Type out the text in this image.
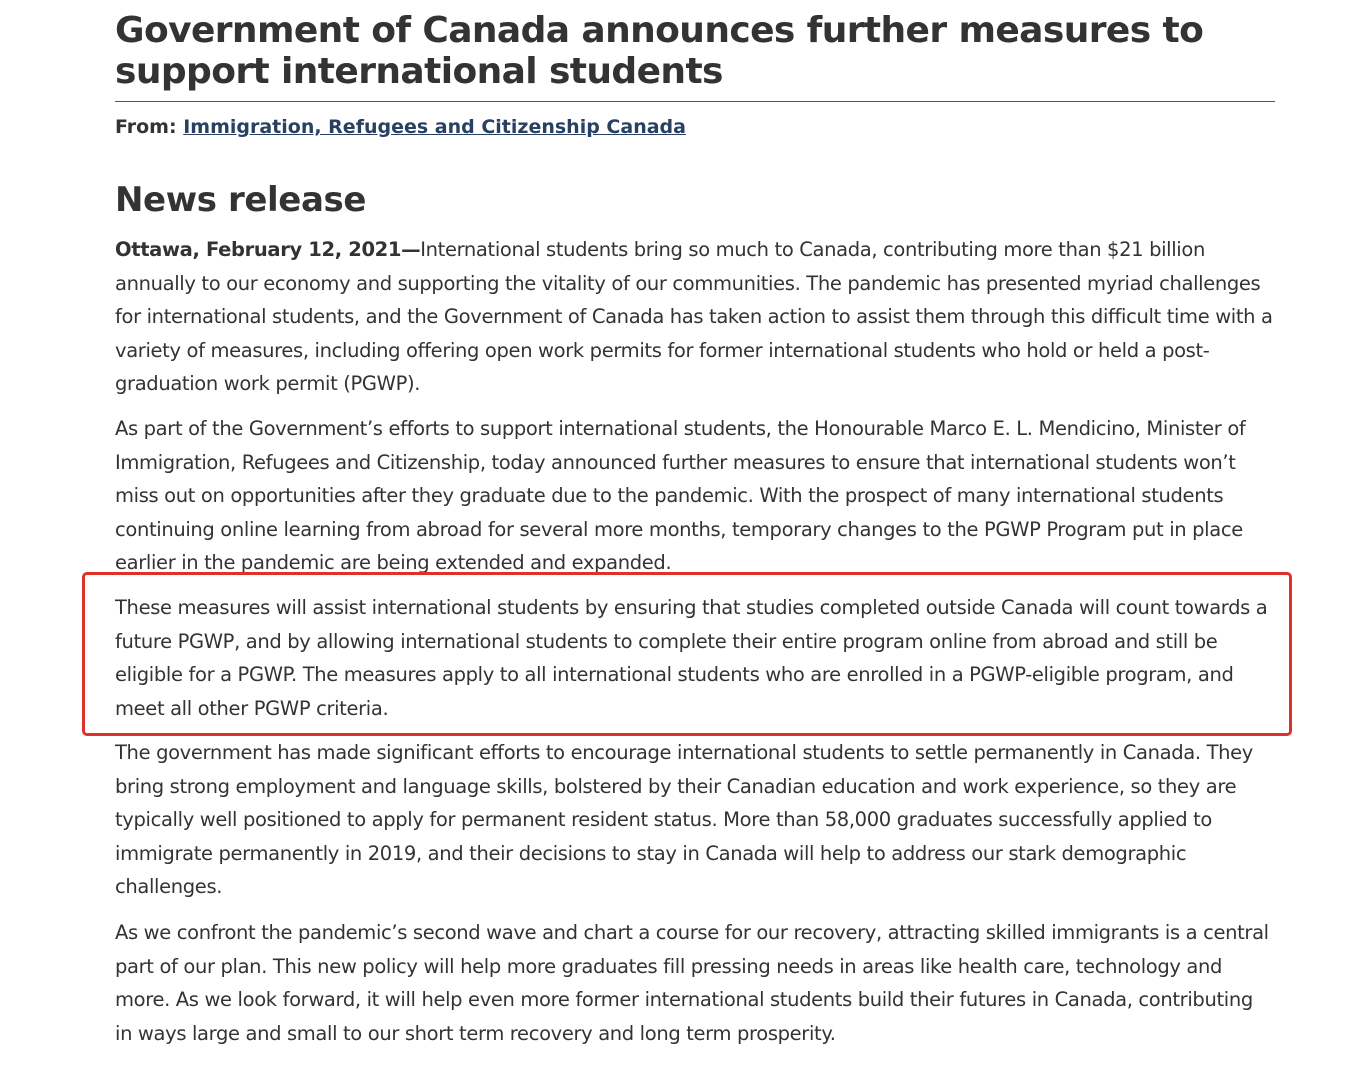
Government of Canada announces further measures to support international students

From: Immigration, Refugees and Citizenship Canada

News release

Ottawa, February 12, 2021—International students bring so much to Canada, contributing more than $21 billion annually to our economy and supporting the vitality of our communities. The pandemic has presented myriad challenges for international students, and the Government of Canada has taken action to assist them through this difficult time with a variety of measures, including offering open work permits for former international students who hold or held a post-graduation work permit (PGWP).

As part of the Government’s efforts to support international students, the Honourable Marco E. L. Mendicino, Minister of Immigration, Refugees and Citizenship, today announced further measures to ensure that international students won’t miss out on opportunities after they graduate due to the pandemic. With the prospect of many international students continuing online learning from abroad for several more months, temporary changes to the PGWP Program put in place earlier in the pandemic are being extended and expanded.

These measures will assist international students by ensuring that studies completed outside Canada will count towards a future PGWP, and by allowing international students to complete their entire program online from abroad and still be eligible for a PGWP. The measures apply to all international students who are enrolled in a PGWP-eligible program, and meet all other PGWP criteria.

The government has made significant efforts to encourage international students to settle permanently in Canada. They bring strong employment and language skills, bolstered by their Canadian education and work experience, so they are typically well positioned to apply for permanent resident status. More than 58,000 graduates successfully applied to immigrate permanently in 2019, and their decisions to stay in Canada will help to address our stark demographic challenges.

As we confront the pandemic’s second wave and chart a course for our recovery, attracting skilled immigrants is a central part of our plan. This new policy will help more graduates fill pressing needs in areas like health care, technology and more. As we look forward, it will help even more former international students build their futures in Canada, contributing in ways large and small to our short term recovery and long term prosperity.
